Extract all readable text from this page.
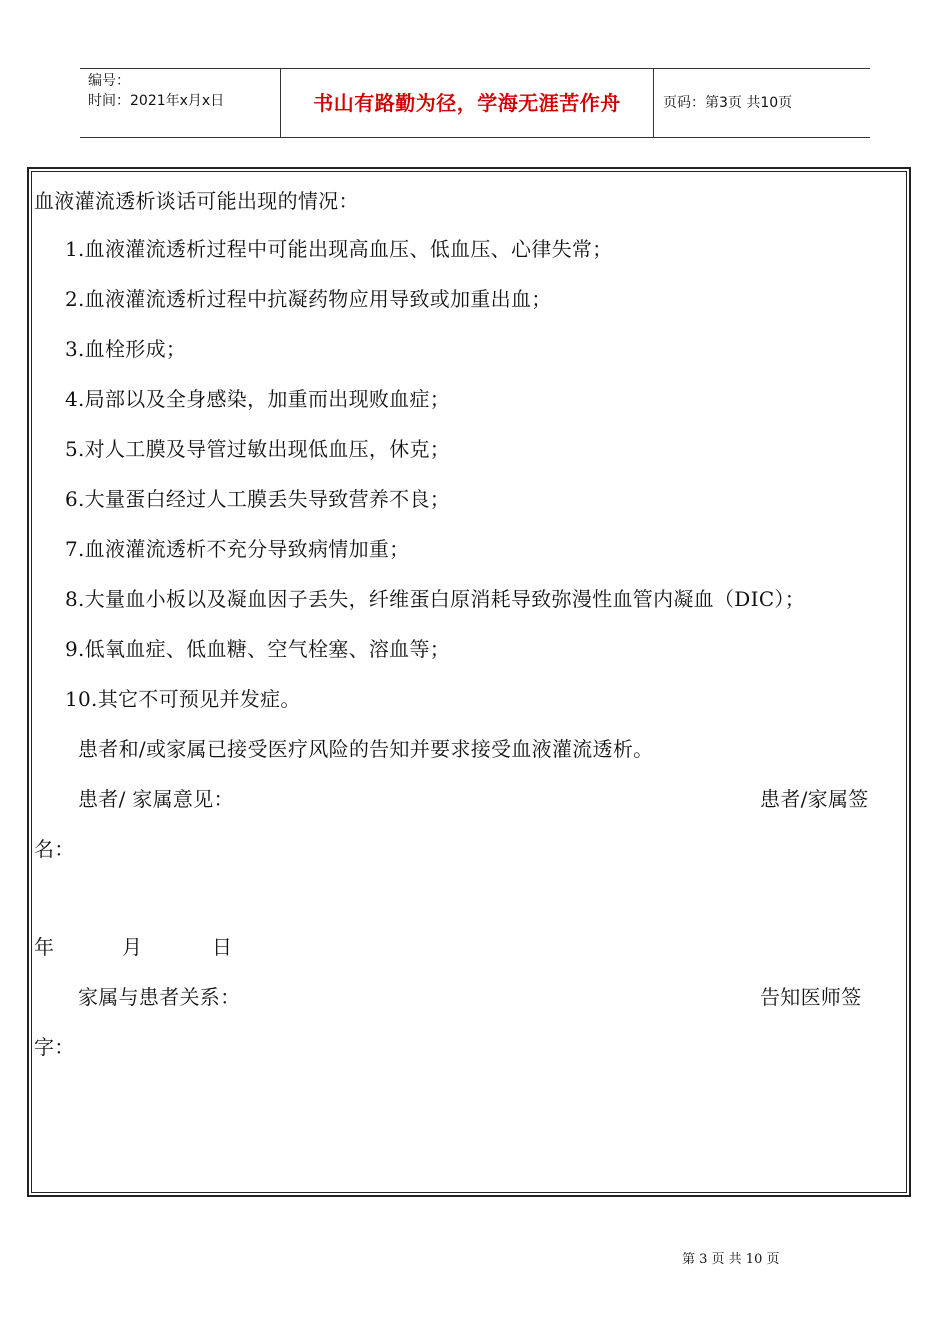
编号：
时间：2021年x月x日	书山有路勤为径，学海无涯苦作舟	页码：第3页 共10页
血液灌流透析谈话可能出现的情况：
1.血液灌流透析过程中可能出现高血压、低血压、心律失常；
2.血液灌流透析过程中抗凝药物应用导致或加重出血；
3.血栓形成；
4.局部以及全身感染，加重而出现败血症；
5.对人工膜及导管过敏出现低血压，休克；
6.大量蛋白经过人工膜丢失导致营养不良；
7.血液灌流透析不充分导致病情加重；
8.大量血小板以及凝血因子丢失，纤维蛋白原消耗导致弥漫性血管内凝血（DIC）；
9.低氧血症、低血糖、空气栓塞、溶血等；
10.其它不可预见并发症。
患者和/或家属已接受医疗风险的告知并要求接受血液灌流透析。
患者/ 家属意见：	患者/家属签
名：
年	月	日
家属与患者关系：	告知医师签
字：
第 3 页 共 10 页
